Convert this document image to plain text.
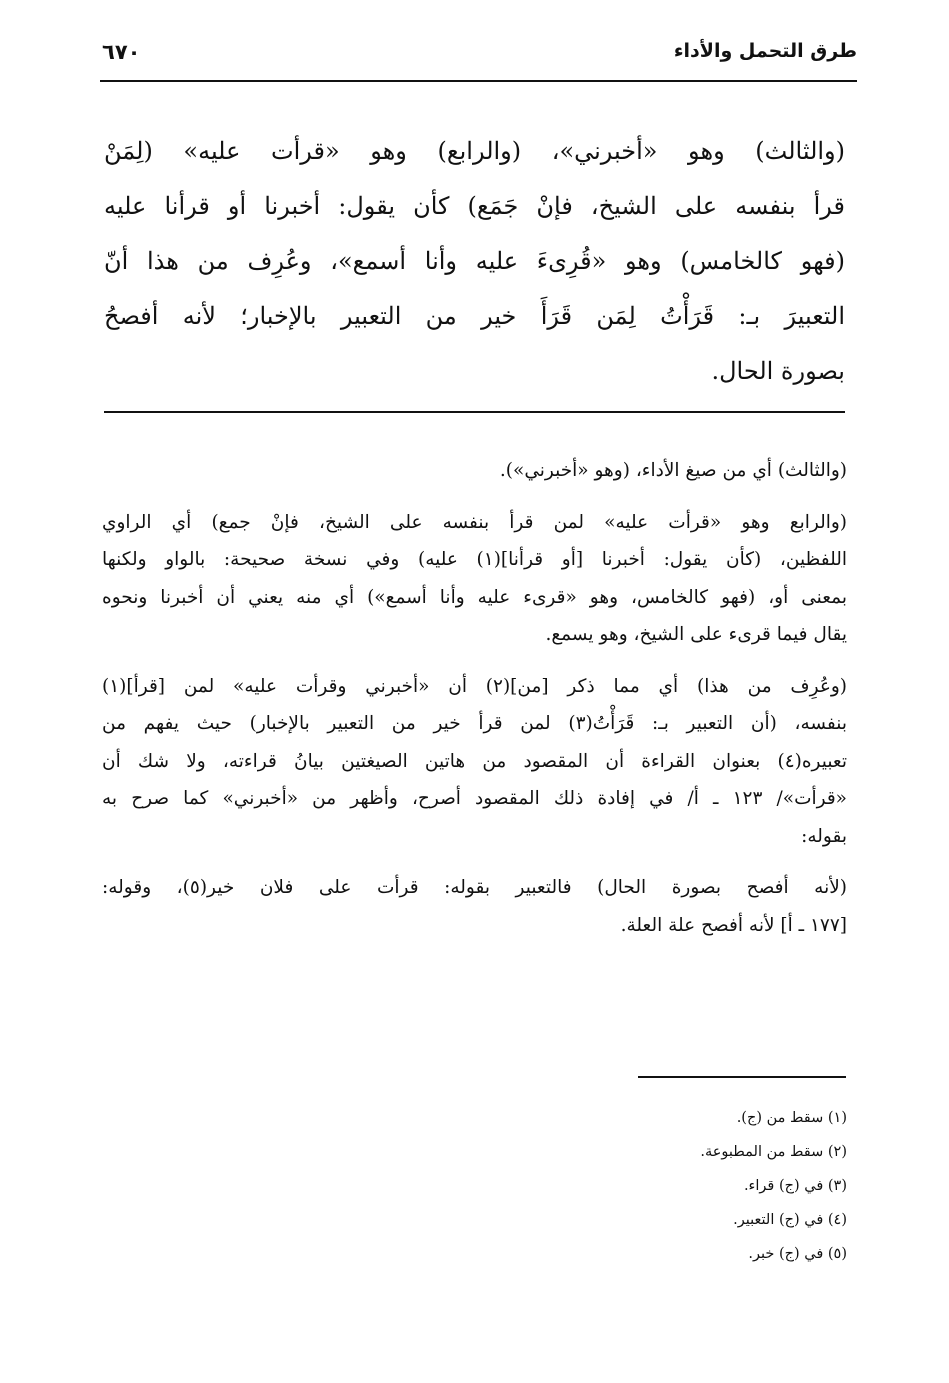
طرق التحمل والأداء
٦٧٠
(والثالث) وهو «أخبرني»، (والرابع) وهو «قرأت عليه» (لِمَنْ
قرأ بنفسه على الشيخ، فإنْ جَمَع) كأن يقول: أخبرنا أو قرأنا عليه
(فهو كالخامس) وهو «قُرِىءَ عليه وأنا أسمع»، وعُرِف من هذا أنّ
التعبيرَ بـ: قَرَأْتُ لِمَن قَرَأَ خير من التعبير بالإخبار؛ لأنه أفصحُ
بصورة الحال.
(والثالث) أي من صيغ الأداء، (وهو «أخبرني»).
(والرابع وهو «قرأت عليه» لمن قرأ بنفسه على الشيخ، فإنْ جمع) أي الراوي
اللفظين، (كأن يقول: أخبرنا [أو قرأنا](١) عليه) وفي نسخة صحيحة: بالواو ولكنها
بمعنى أو، (فهو كالخامس، وهو «قرىء عليه وأنا أسمع») أي منه يعني أن أخبرنا ونحوه
يقال فيما قرىء على الشيخ، وهو يسمع.
(وعُرِف من هذا) أي مما ذكر [من](٢) أن «أخبرني وقرأت عليه» لمن [قرأ](١)
بنفسه، (أن التعبير بـ: قَرَأْتُ(٣) لمن قرأ خير من التعبير بالإخبار) حيث يفهم من
تعبيره(٤) بعنوان القراءة أن المقصود من هاتين الصيغتين بيانُ قراءته، ولا شك أن
«قرأت»/ ١٢٣ ـ أ/ في إفادة ذلك المقصود أصرح، وأظهر من «أخبرني» كما صرح به
بقوله:
(لأنه أفصح بصورة الحال) فالتعبير بقوله: قرأت على فلان خير(٥)، وقوله:
[١٧٧ ـ أ] لأنه أفصح علة العلة.
(١) سقط من (ج).
(٢) سقط من المطبوعة.
(٣) في (ج) قراء.
(٤) في (ج) التعبير.
(٥) في (ج) خبر.
